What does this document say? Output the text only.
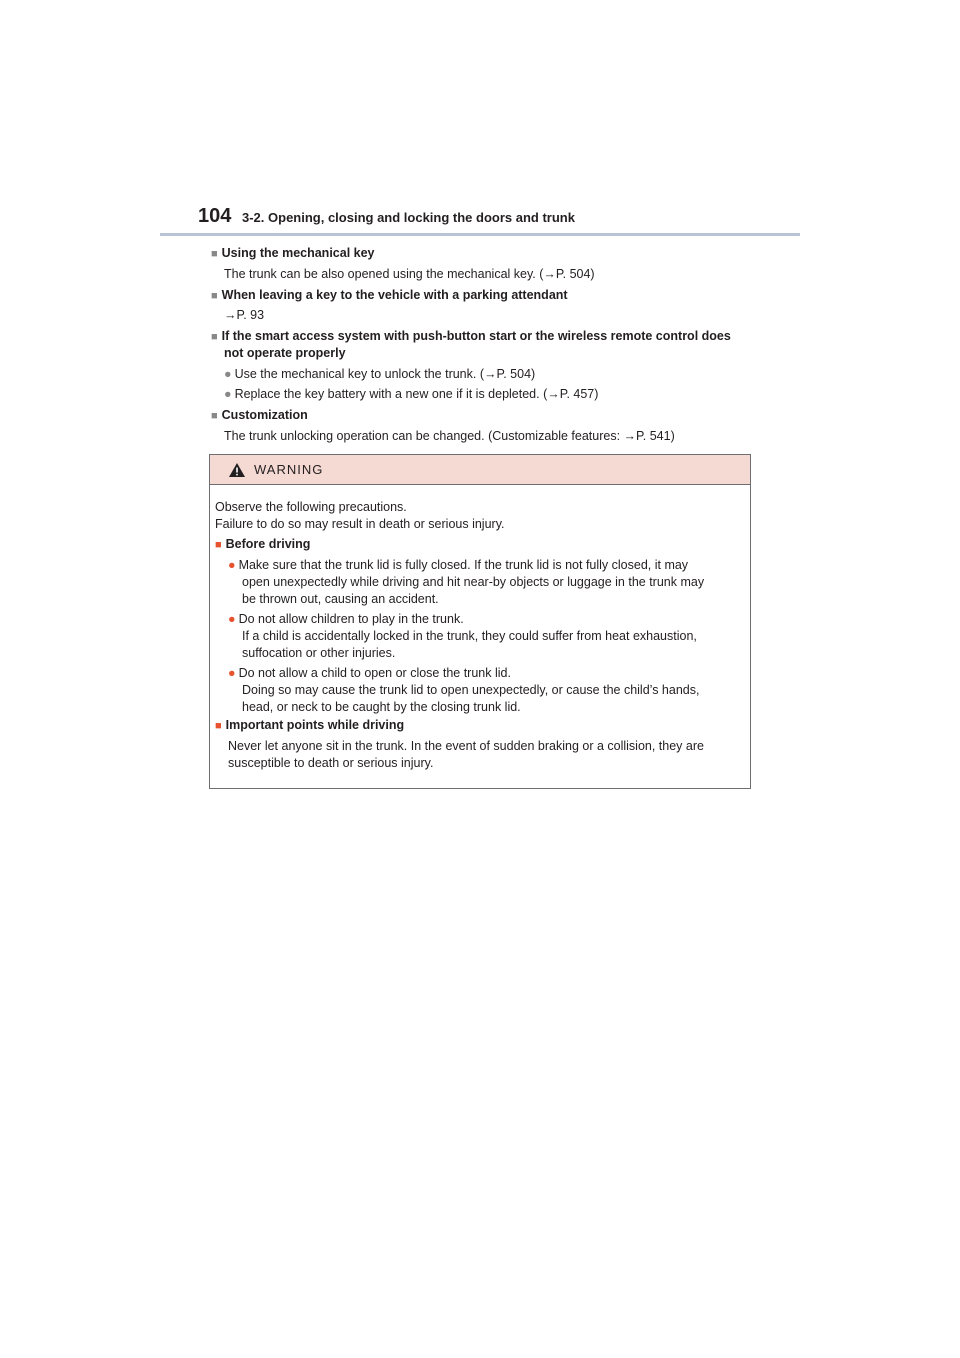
104 3-2. Opening, closing and locking the doors and trunk
■ Using the mechanical key
The trunk can be also opened using the mechanical key. (→P. 504)
■ When leaving a key to the vehicle with a parking attendant
→P. 93
■ If the smart access system with push-button start or the wireless remote control does
not operate properly
● Use the mechanical key to unlock the trunk. (→P. 504)
● Replace the key battery with a new one if it is depleted. (→P. 457)
■ Customization
The trunk unlocking operation can be changed. (Customizable features: →P. 541)
WARNING
Observe the following precautions.
Failure to do so may result in death or serious injury.
■ Before driving
● Make sure that the trunk lid is fully closed. If the trunk lid is not fully closed, it may
open unexpectedly while driving and hit near-by objects or luggage in the trunk may
be thrown out, causing an accident.
● Do not allow children to play in the trunk.
If a child is accidentally locked in the trunk, they could suffer from heat exhaustion,
suffocation or other injuries.
● Do not allow a child to open or close the trunk lid.
Doing so may cause the trunk lid to open unexpectedly, or cause the child’s hands,
head, or neck to be caught by the closing trunk lid.
■ Important points while driving
Never let anyone sit in the trunk. In the event of sudden braking or a collision, they are
susceptible to death or serious injury.
